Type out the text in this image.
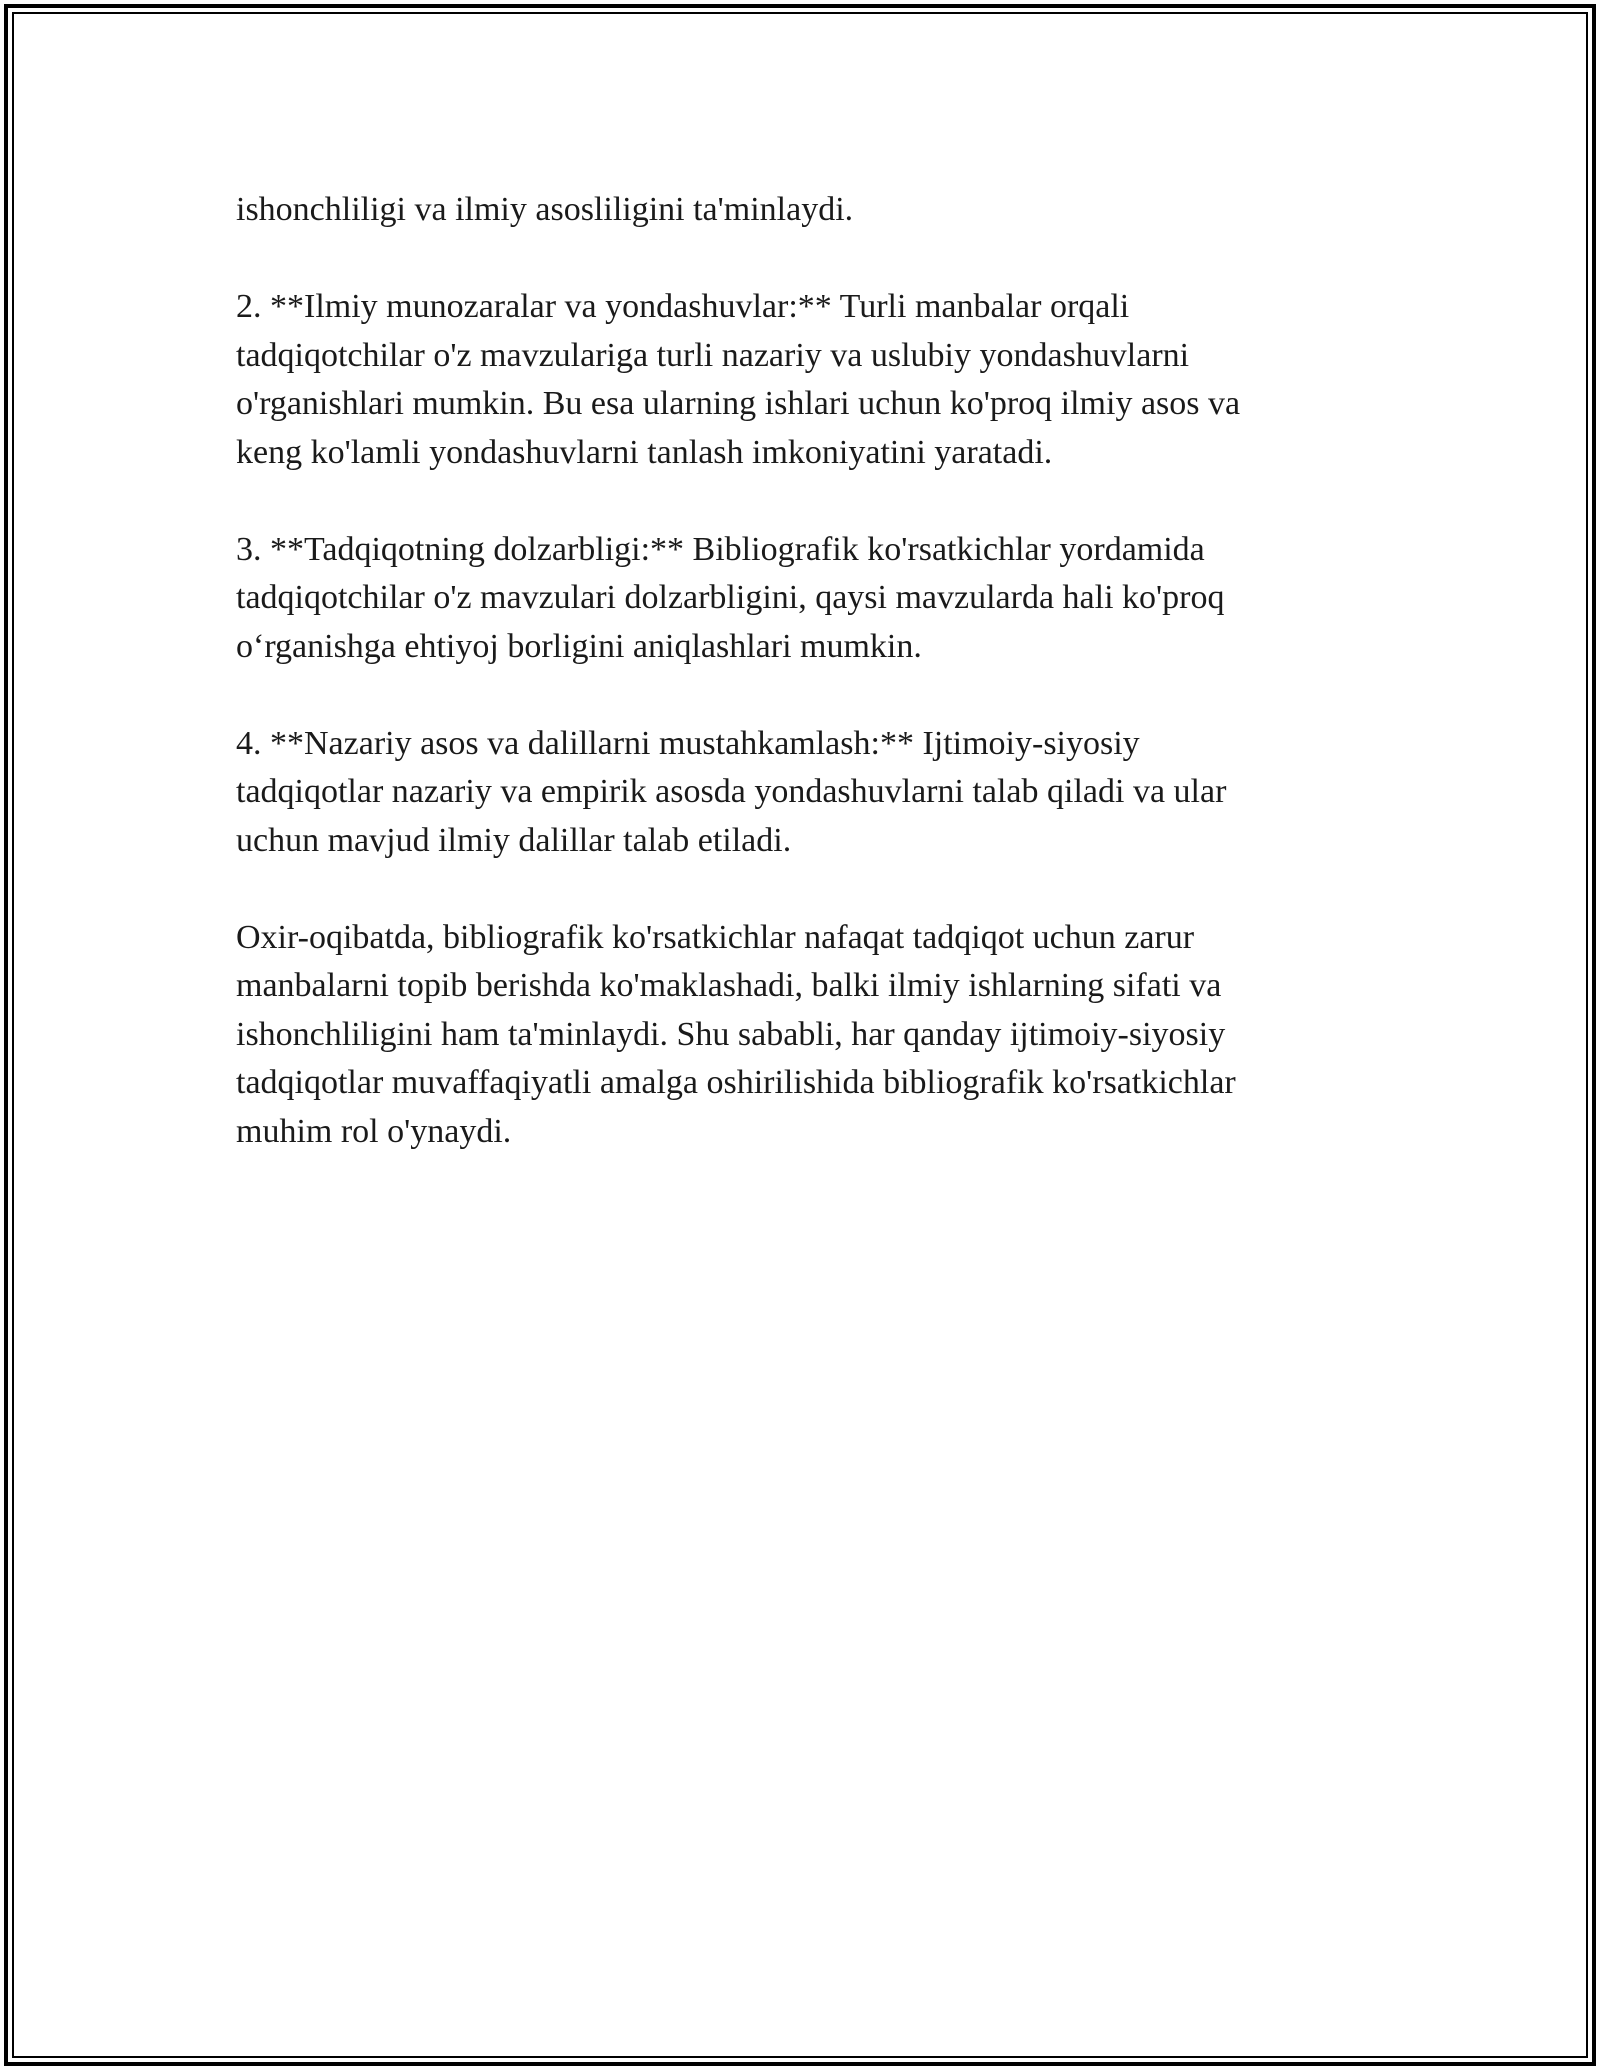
ishonchliligi va ilmiy asosliligini ta'minlaydi.

2. **Ilmiy munozaralar va yondashuvlar:** Turli manbalar orqali
tadqiqotchilar o'z mavzulariga turli nazariy va uslubiy yondashuvlarni
o'rganishlari mumkin. Bu esa ularning ishlari uchun ko'proq ilmiy asos va
keng ko'lamli yondashuvlarni tanlash imkoniyatini yaratadi.

3. **Tadqiqotning dolzarbligi:** Bibliografik ko'rsatkichlar yordamida
tadqiqotchilar o'z mavzulari dolzarbligini, qaysi mavzularda hali ko'proq
o‘rganishga ehtiyoj borligini aniqlashlari mumkin.

4. **Nazariy asos va dalillarni mustahkamlash:** Ijtimoiy-siyosiy
tadqiqotlar nazariy va empirik asosda yondashuvlarni talab qiladi va ular
uchun mavjud ilmiy dalillar talab etiladi.

Oxir-oqibatda, bibliografik ko'rsatkichlar nafaqat tadqiqot uchun zarur
manbalarni topib berishda ko'maklashadi, balki ilmiy ishlarning sifati va
ishonchliligini ham ta'minlaydi. Shu sababli, har qanday ijtimoiy-siyosiy
tadqiqotlar muvaffaqiyatli amalga oshirilishida bibliografik ko'rsatkichlar
muhim rol o'ynaydi.
